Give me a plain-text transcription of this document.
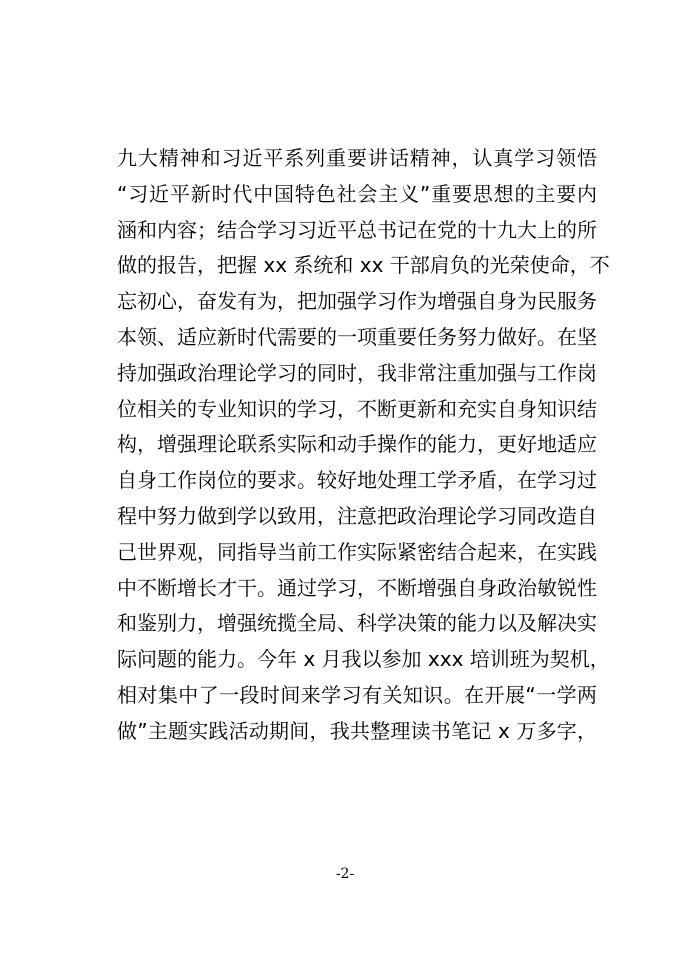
九大精神和习近平系列重要讲话精神，认真学习领悟
“习近平新时代中国特色社会主义”重要思想的主要内
涵和内容；结合学习习近平总书记在党的十九大上的所
做的报告，把握 xx 系统和 xx 干部肩负的光荣使命，不
忘初心，奋发有为，把加强学习作为增强自身为民服务
本领、适应新时代需要的一项重要任务努力做好。在坚
持加强政治理论学习的同时，我非常注重加强与工作岗
位相关的专业知识的学习，不断更新和充实自身知识结
构，增强理论联系实际和动手操作的能力，更好地适应
自身工作岗位的要求。较好地处理工学矛盾，在学习过
程中努力做到学以致用，注意把政治理论学习同改造自
己世界观，同指导当前工作实际紧密结合起来，在实践
中不断增长才干。通过学习，不断增强自身政治敏锐性
和鉴别力，增强统揽全局、科学决策的能力以及解决实
际问题的能力。今年 x 月我以参加 xxx 培训班为契机，
相对集中了一段时间来学习有关知识。在开展“一学两
做”主题实践活动期间，我共整理读书笔记 x 万多字，
-2-
